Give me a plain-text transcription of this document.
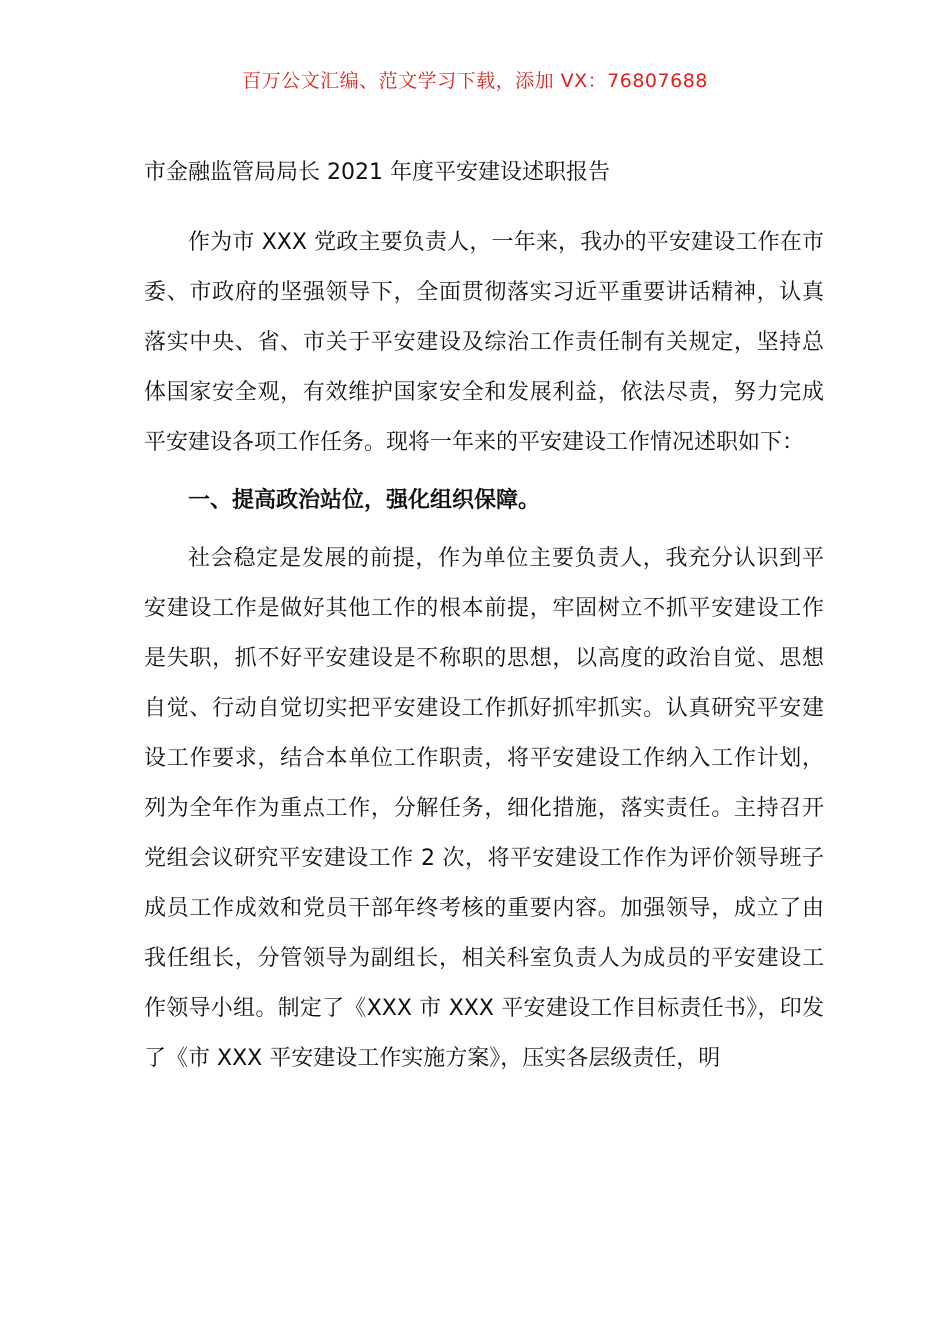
百万公文汇编、范文学习下载，添加 VX：76807688
市金融监管局局长 2021 年度平安建设述职报告

作为市 XXX 党政主要负责人，一年来，我办的平安建设工作在市委、市政府的坚强领导下，全面贯彻落实习近平重要讲话精神，认真落实中央、省、市关于平安建设及综治工作责任制有关规定，坚持总体国家安全观，有效维护国家安全和发展利益，依法尽责，努力完成平安建设各项工作任务。现将一年来的平安建设工作情况述职如下：

一、提高政治站位，强化组织保障。

社会稳定是发展的前提，作为单位主要负责人，我充分认识到平安建设工作是做好其他工作的根本前提，牢固树立不抓平安建设工作是失职，抓不好平安建设是不称职的思想，以高度的政治自觉、思想自觉、行动自觉切实把平安建设工作抓好抓牢抓实。认真研究平安建设工作要求，结合本单位工作职责，将平安建设工作纳入工作计划，列为全年作为重点工作，分解任务，细化措施，落实责任。主持召开党组会议研究平安建设工作 2 次，将平安建设工作作为评价领导班子成员工作成效和党员干部年终考核的重要内容。加强领导，成立了由我任组长，分管领导为副组长，相关科室负责人为成员的平安建设工作领导小组。制定了《XXX 市 XXX 平安建设工作目标责任书》，印发了《市 XXX 平安建设工作实施方案》，压实各层级责任，明
